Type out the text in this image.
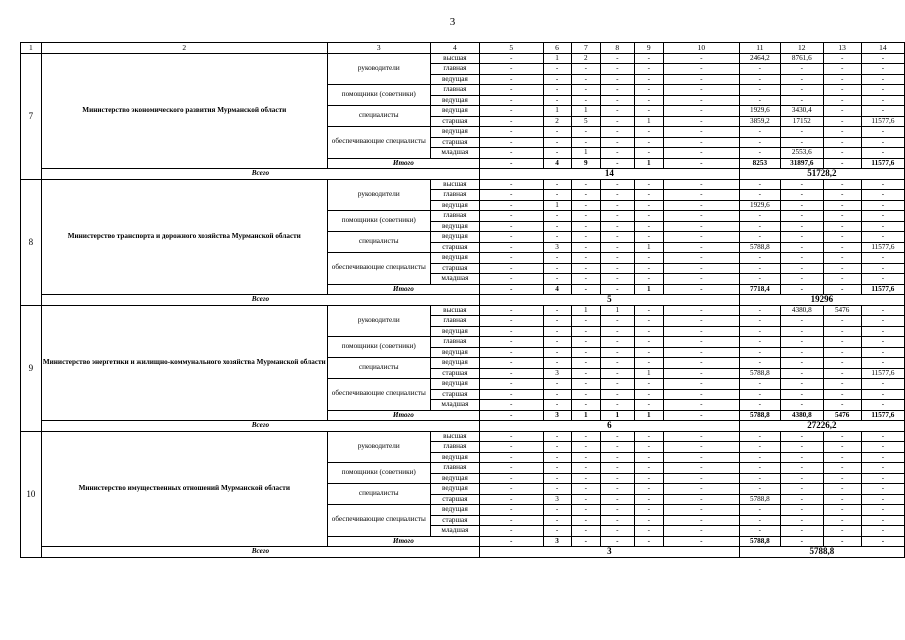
3
1	2	3	4	5	6	7	8	9	10	11	12	13	14
7	Министерство экономического развития Мурманской области	руководители	высшая	-	1	2	-	-	-	2464,2	8761,6	-	-
			главная	-	-	-	-	-	-	-	-	-	-
			ведущая	-	-	-	-	-	-	-	-	-	-
		помощники (советники)	главная	-	-	-	-	-	-	-	-	-	-
			ведущая	-	-	-	-	-	-	-	-	-	-
		специалисты	ведущая	-	1	1	-	-	-	1929,6	3430,4	-	-
			старшая	-	2	5	-	1	-	3859,2	17152	-	11577,6
		обеспечивающие специалисты	ведущая	-	-	-	-	-	-	-	-	-	-
			старшая	-	-	-	-	-	-	-	-	-	-
			младшая	-	-	1	-	-	-	-	2553,6	-	-
		Итого		-	4	9	-	1	-	8253	31897,6	-	11577,6
	Всего			14						51728,2			
8	Министерство транспорта и дорожного хозяйства Мурманской области	руководители	высшая	-	-	-	-	-	-	-	-	-	-
			главная	-	-	-	-	-	-	-	-	-	-
			ведущая	-	1	-	-	-	-	1929,6	-	-	-
		помощники (советники)	главная	-	-	-	-	-	-	-	-	-	-
			ведущая	-	-	-	-	-	-	-	-	-	-
		специалисты	ведущая	-	-	-	-	-	-	-	-	-	-
			старшая	-	3	-	-	1	-	5788,8	-	-	11577,6
		обеспечивающие специалисты	ведущая	-	-	-	-	-	-	-	-	-	-
			старшая	-	-	-	-	-	-	-	-	-	-
			младшая	-	-	-	-	-	-	-	-	-	-
		Итого		-	4	-	-	1	-	7718,4	-	-	11577,6
	Всего			5						19296			
9	Министерство энергетики и жилищно-коммунального хозяйства Мурманской области	руководители	высшая	-	-	1	1	-	-	-	4380,8	5476	-
			главная	-	-	-	-	-	-	-	-	-	-
			ведущая	-	-	-	-	-	-	-	-	-	-
		помощники (советники)	главная	-	-	-	-	-	-	-	-	-	-
			ведущая	-	-	-	-	-	-	-	-	-	-
		специалисты	ведущая	-	-	-	-	-	-	-	-	-	-
			старшая	-	3	-	-	1	-	5788,8	-	-	11577,6
		обеспечивающие специалисты	ведущая	-	-	-	-	-	-	-	-	-	-
			старшая	-	-	-	-	-	-	-	-	-	-
			младшая	-	-	-	-	-	-	-	-	-	-
		Итого		-	3	1	1	1	-	5788,8	4380,8	5476	11577,6
	Всего			6						27226,2			
10	Министерство имущественных отношений Мурманской области	руководители	высшая	-	-	-	-	-	-	-	-	-	-
			главная	-	-	-	-	-	-	-	-	-	-
			ведущая	-	-	-	-	-	-	-	-	-	-
		помощники (советники)	главная	-	-	-	-	-	-	-	-	-	-
			ведущая	-	-	-	-	-	-	-	-	-	-
		специалисты	ведущая	-	-	-	-	-	-	-	-	-	-
			старшая	-	3	-	-	-	-	5788,8	-	-	-
		обеспечивающие специалисты	ведущая	-	-	-	-	-	-	-	-	-	-
			старшая	-	-	-	-	-	-	-	-	-	-
			младшая	-	-	-	-	-	-	-	-	-	-
		Итого		-	3	-	-	-	-	5788,8	-	-	-
	Всего			3						5788,8			
